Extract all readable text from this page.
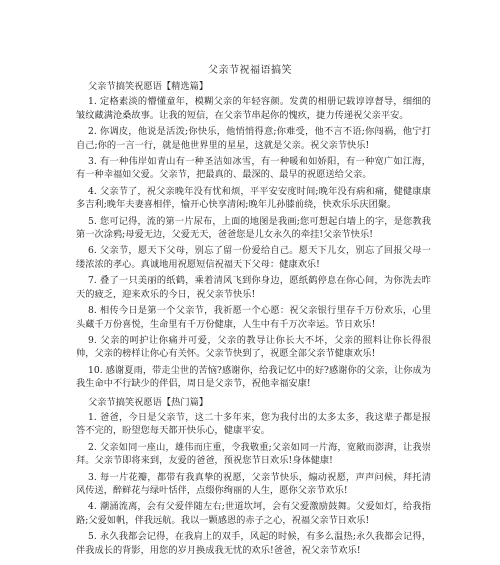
父亲节祝福语搞笑
父亲节搞笑祝愿语【精选篇】

1. 定格素淡的懵懂童年，模糊父亲的年轻容颜。发黄的相册记载谆谆督导，细细的皱纹藏满沧桑故事。让我的短信，在父亲节串起你的愧疚，捷力传递祝父亲平安。

2. 你调皮，他说是活泼;你快乐，他悄悄得意;你难受，他不言不语;你闯祸，他宁打自己;你的一言一行，就是他世界里的星星，这就是父亲。祝父亲节快乐!

3. 有一种伟岸如青山有一种圣洁如冰雪，有一种暖和如娇阳，有一种宽广如江海，有一种幸福如父爱。父亲节，把最真的、最深的、最早的祝愿送给父亲。

4. 父亲节了，祝父亲晚年没有忧和烦，平平安安度时间;晚年没有病和痛，健健康康多吉利;晚年夫妻喜相伴，愉开心快享清闲;晚年儿孙膝前绕，快欢乐乐庆团聚。

5. 您可记得，流的第一片尿布，上面的地图是我画;您可想起白墙上的字，是您教我第一次涂鸦;母爱无边，父爱无天，爸爸您是儿女永久的牵挂!父亲节快乐!

6. 父亲节，愿天下父母，别忘了留一份爱给自己。愿天下儿女，别忘了回报父母一缕浓浓的孝心。真诚地用祝愿短信祝福天下父母：健康欢乐!

7. 叠了一只美丽的纸鹤，乘着清风飞到你身边，愿纸鹤停息在你心间，为你洗去昨天的疲乏，迎来欢乐的今日，祝父亲节快乐!

8. 相传今日是第一个父亲节，我祈愿一个心愿：祝父亲银行里存千万份欢乐，心里头藏千万份喜悦，生命里有千万份健康，人生中有千万次幸运。节日欢乐!

9. 父亲的呵护让你痛并可爱，父亲的教导让你长大不坏，父亲的照料让你长得很帅，父亲的榜样让你心有关怀。父亲节快到了，祝愿全部父亲节健康欢乐!

10. 感谢夏雨，带走尘世的苦恼?感谢你，给我记忆中的好?感谢你的父亲，让你成为我生命中不行缺少的伴侣，周日是父亲节，祝他幸福安康!

父亲节搞笑祝愿语【热门篇】

1. 爸爸，今日是父亲节，这二十多年来，您为我付出的太多太多，我这辈子都是报答不完的，盼望您每天都开快乐心，健康平安。

2. 父亲如同一座山，雄伟而庄重，令我敬重;父亲如同一片海，宽敞而澎湃，让我崇拜。父亲节即将来到，友爱的爸爸，预祝您节日欢乐!身体健康!

3. 每一片花瓣，都带有我真挚的祝愿，父亲节快乐，煽动祝愿，声声问候，拜托清风传送，醉鲜花与绿叶恬伴，点缀你绚丽的人生，愿你父亲节欢乐!

4. 潮涌流离，会有父爱伴随左右;世道坎坷，会有父爱激励鼓舞。父爱如灯，给我指路;父爱如帆，伴我远航。我以一颗感恩的赤子之心，祝福父亲节日欢乐!

5. 永久我都会记得，在我肩上的双手，风起的时候，有多么温热;永久我都会记得，伴我成长的背影，用您的岁月换成我无忧的欢乐!爸爸，祝父亲节欢乐!
